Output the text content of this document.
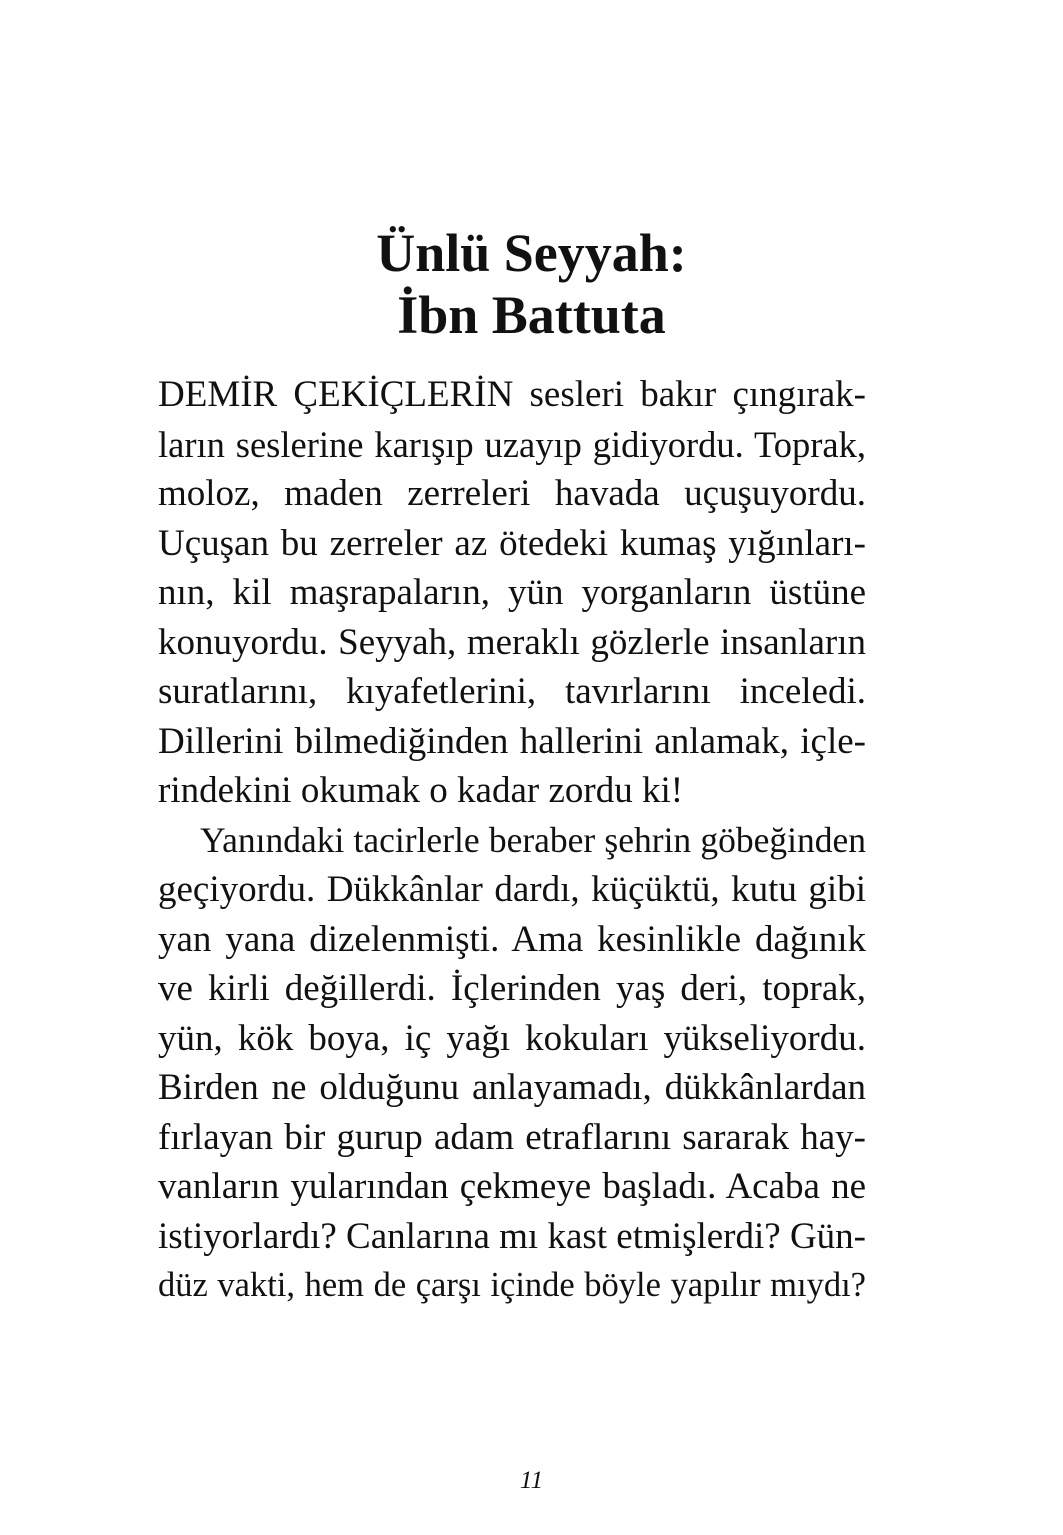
Ünlü Seyyah:
İbn Battuta
DEMİR ÇEKİÇLERİN sesleri bakır çıngırak-
ların seslerine karışıp uzayıp gidiyordu. Toprak,
moloz, maden zerreleri havada uçuşuyordu.
Uçuşan bu zerreler az ötedeki kumaş yığınları-
nın, kil maşrapaların, yün yorganların üstüne
konuyordu. Seyyah, meraklı gözlerle insanların
suratlarını, kıyafetlerini, tavırlarını inceledi.
Dillerini bilmediğinden hallerini anlamak, içle-
rindekini okumak o kadar zordu ki!
Yanındaki tacirlerle beraber şehrin göbeğinden
geçiyordu. Dükkânlar dardı, küçüktü, kutu gibi
yan yana dizelenmişti. Ama kesinlikle dağınık
ve kirli değillerdi. İçlerinden yaş deri, toprak,
yün, kök boya, iç yağı kokuları yükseliyordu.
Birden ne olduğunu anlayamadı, dükkânlardan
fırlayan bir gurup adam etraflarını sararak hay-
vanların yularından çekmeye başladı. Acaba ne
istiyorlardı? Canlarına mı kast etmişlerdi? Gün-
düz vakti, hem de çarşı içinde böyle yapılır mıydı?
11
